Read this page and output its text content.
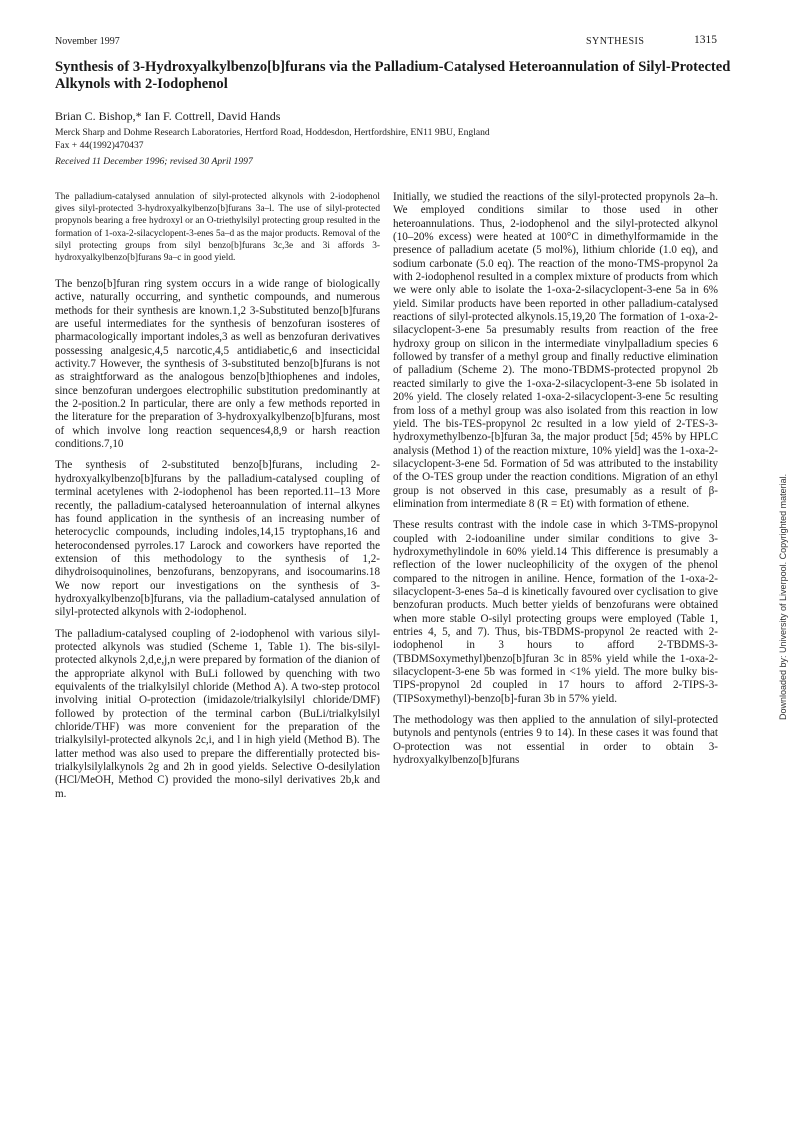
November 1997	SYNTHESIS	1315
Synthesis of 3-Hydroxyalkylbenzo[b]furans via the Palladium-Catalysed Heteroannulation of Silyl-Protected Alkynols with 2-Iodophenol
Brian C. Bishop,* Ian F. Cottrell, David Hands
Merck Sharp and Dohme Research Laboratories, Hertford Road, Hoddesdon, Hertfordshire, EN11 9BU, England
Fax + 44(1992)470437
Received 11 December 1996; revised 30 April 1997
The palladium-catalysed annulation of silyl-protected alkynols with 2-iodophenol gives silyl-protected 3-hydroxyalkylbenzo[b]furans 3a–l. The use of silyl-protected propynols bearing a free hydroxyl or an O-triethylsilyl protecting group resulted in the formation of 1-oxa-2-silacyclopent-3-enes 5a–d as the major products. Removal of the silyl protecting groups from silyl benzo[b]furans 3c,3e and 3i affords 3-hydroxyalkylbenzo[b]furans 9a–c in good yield.

The benzo[b]furan ring system occurs in a wide range of biologically active, naturally occurring, and synthetic compounds, and numerous methods for their synthesis are known.1,2 3-Substituted benzo[b]furans are useful intermediates for the synthesis of benzofuran isosteres of pharmacologically important indoles,3 as well as benzofuran derivatives possessing analgesic,4,5 narcotic,4,5 antidiabetic,6 and insecticidal activity.7 However, the synthesis of 3-substituted benzo[b]furans is not as straightforward as the analogous benzo[b]thiophenes and indoles, since benzofuran undergoes electrophilic substitution predominantly at the 2-position.2 In particular, there are only a few methods reported in the literature for the preparation of 3-hydroxyalkylbenzo[b]furans, most of which involve long reaction sequences4,8,9 or harsh reaction conditions.7,10

The synthesis of 2-substituted benzo[b]furans, including 2-hydroxyalkylbenzo[b]furans by the palladium-catalysed coupling of terminal acetylenes with 2-iodophenol has been reported.11–13 More recently, the palladium-catalysed heteroannulation of internal alkynes has found application in the synthesis of an increasing number of heterocyclic compounds, including indoles,14,15 tryptophans,16 and heterocondensed pyrroles.17 Larock and coworkers have reported the extension of this methodology to the synthesis of 1,2-dihydroisoquinolines, benzofurans, benzopyrans, and isocoumarins.18 We now report our investigations on the synthesis of 3-hydroxyalkylbenzo[b]furans, via the palladium-catalysed annulation of silyl-protected alkynols with 2-iodophenol.

The palladium-catalysed coupling of 2-iodophenol with various silyl-protected alkynols was studied (Scheme 1, Table 1). The bis-silyl-protected alkynols 2,d,e,j,n were prepared by formation of the dianion of the appropriate alkynol with BuLi followed by quenching with two equivalents of the trialkylsilyl chloride (Method A). A two-step protocol involving initial O-protection (imidazole/trialkylsilyl chloride/DMF) followed by protection of the terminal carbon (BuLi/trialkylsilyl chloride/THF) was more convenient for the preparation of the trialkylsilyl-protected alkynols 2c,i, and l in high yield (Method B). The latter method was also used to prepare the differentially protected bis-trialkylsilylalkynols 2g and 2h in good yields. Selective O-desilylation (HCl/MeOH, Method C) provided the mono-silyl derivatives 2b,k and m.

Initially, we studied the reactions of the silyl-protected propynols 2a–h. We employed conditions similar to those used in other heteroannulations. Thus, 2-iodophenol and the silyl-protected alkynol (10–20% excess) were heated at 100°C in dimethylformamide in the presence of palladium acetate (5 mol%), lithium chloride (1.0 eq), and sodium carbonate (5.0 eq). The reaction of the mono-TMS-propynol 2a with 2-iodophenol resulted in a complex mixture of products from which we were only able to isolate the 1-oxa-2-silacyclopent-3-ene 5a in 6% yield. Similar products have been reported in other palladium-catalysed reactions of silyl-protected alkynols.15,19,20 The formation of 1-oxa-2-silacyclopent-3-ene 5a presumably results from reaction of the free hydroxy group on silicon in the intermediate vinylpalladium species 6 followed by transfer of a methyl group and finally reductive elimination of palladium (Scheme 2). The mono-TBDMS-protected propynol 2b reacted similarly to give the 1-oxa-2-silacyclopent-3-ene 5b isolated in 20% yield. The closely related 1-oxa-2-silacyclopent-3-ene 5c resulting from loss of a methyl group was also isolated from this reaction in low yield. The bis-TES-propynol 2c resulted in a low yield of 2-TES-3-hydroxymethylbenzo-[b]furan 3a, the major product [5d; 45% by HPLC analysis (Method 1) of the reaction mixture, 10% yield] was the 1-oxa-2-silacyclopent-3-ene 5d. Formation of 5d was attributed to the instability of the O-TES group under the reaction conditions. Migration of an ethyl group is not observed in this case, presumably as a result of β-elimination from intermediate 8 (R = Et) with formation of ethene.

These results contrast with the indole case in which 3-TMS-propynol coupled with 2-iodoaniline under similar conditions to give 3-hydroxymethylindole in 60% yield.14 This difference is presumably a reflection of the lower nucleophilicity of the oxygen of the phenol compared to the nitrogen in aniline. Hence, formation of the 1-oxa-2-silacyclopent-3-enes 5a–d is kinetically favoured over cyclisation to give benzofuran products. Much better yields of benzofurans were obtained when more stable O-silyl protecting groups were employed (Table 1, entries 4, 5, and 7). Thus, bis-TBDMS-propynol 2e reacted with 2-iodophenol in 3 hours to afford 2-TBDMS-3-(TBDMSoxymethyl)benzo[b]furan 3c in 85% yield while the 1-oxa-2-silacyclopent-3-ene 5b was formed in <1% yield. The more bulky bis-TIPS-propynol 2d coupled in 17 hours to afford 2-TIPS-3-(TIPSoxymethyl)-benzo[b]-furan 3b in 57% yield.

The methodology was then applied to the annulation of silyl-protected butynols and pentynols (entries 9 to 14). In these cases it was found that O-protection was not essential in order to obtain 3-hydroxyalkylbenzo[b]furans

Downloaded by: University of Liverpool. Copyrighted material.
